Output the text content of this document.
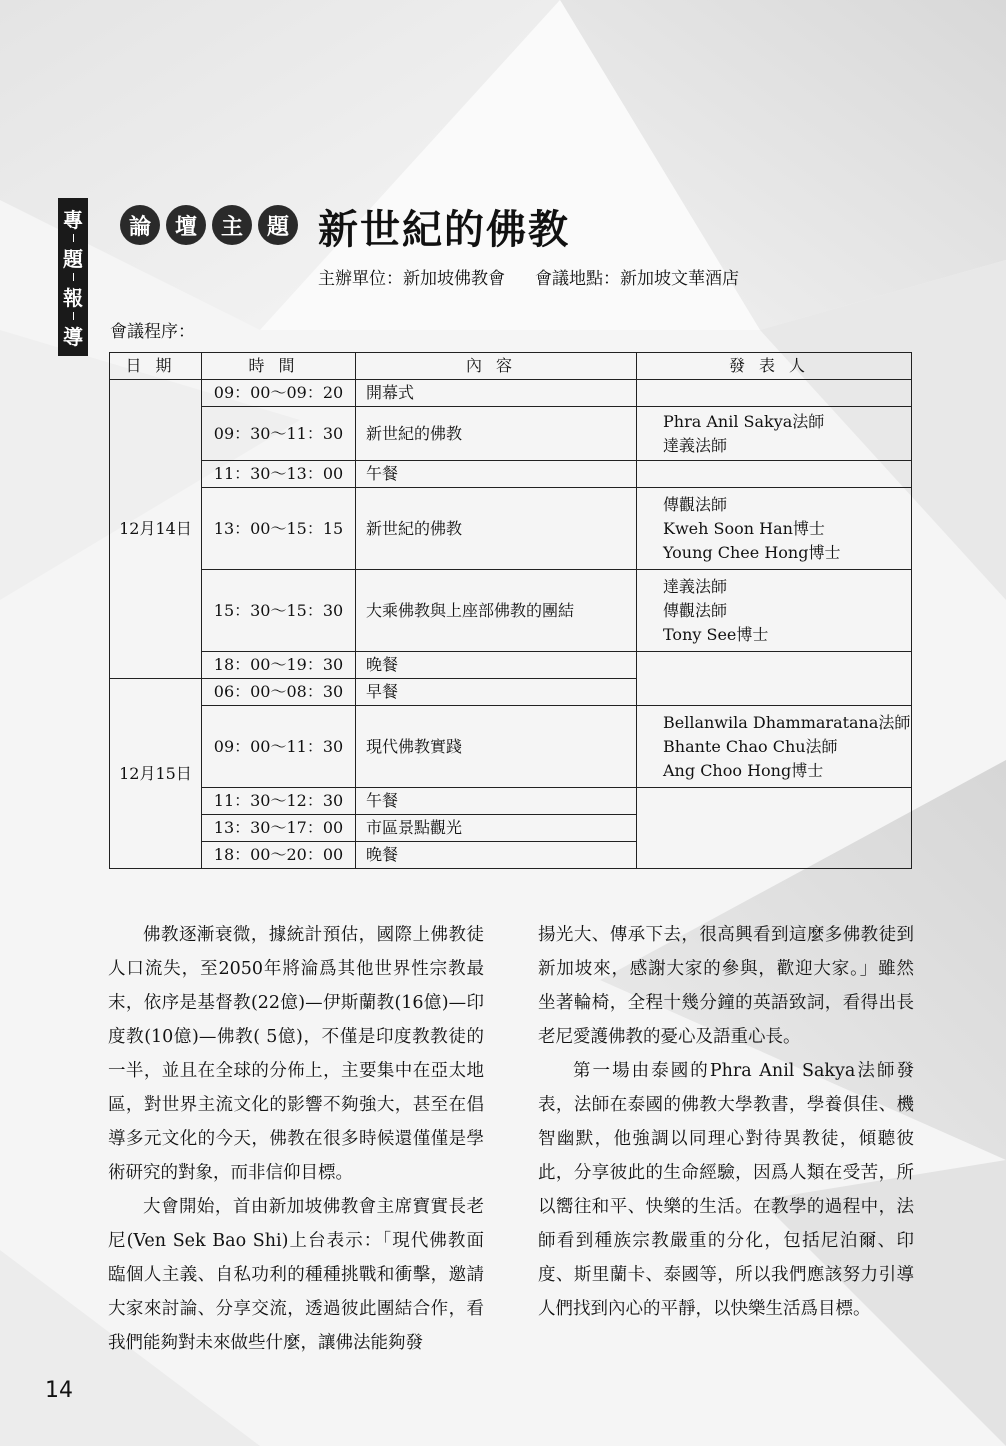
專
題
報
導
論	壇	主	題 新世紀的佛教
主辦單位：新加坡佛教會 會議地點：新加坡文華酒店
會議程序：
日期	時間	內容	發表人
12月14日	09：00～09：20	開幕式	
	09：30～11：30	新世紀的佛教	Phra Anil Sakya法師
達義法師

	11：30～13：00	午餐	
	13：00～15：15	新世紀的佛教	傳觀法師
Kweh Soon Han博士
Young Chee Hong博士

	15：30～15：30	大乘佛教與上座部佛教的團結	達義法師
傳觀法師
Tony See博士

	18：00～19：30	晚餐	
12月15日	06：00～08：30	早餐	
	09：00～11：30	現代佛教實踐	Bellanwila Dhammaratana法師
Bhante Chao Chu法師
Ang Choo Hong博士

	11：30～12：30	午餐	
	13：30～17：00	市區景點觀光	
	18：00～20：00	晚餐	

佛教逐漸衰微，據統計預估，國際上佛教徒人口流失，至2050年將淪爲其他世界性宗教最末，依序是基督教(22億)—伊斯蘭教(16億)—印度教(10億)—佛教( 5億)，不僅是印度教教徒的一半，並且在全球的分佈上，主要集中在亞太地區，對世界主流文化的影響不夠強大，甚至在倡導多元文化的今天，佛教在很多時候還僅僅是學術研究的對象，而非信仰目標。

大會開始，首由新加坡佛教會主席寶實長老尼(Ven Sek Bao Shi)上台表示：「現代佛教面臨個人主義、自私功利的種種挑戰和衝擊，邀請大家來討論、分享交流，透過彼此團結合作，看我們能夠對未來做些什麼，讓佛法能夠發

揚光大、傳承下去，很高興看到這麼多佛教徒到新加坡來，感謝大家的參與，歡迎大家。」雖然坐著輪椅，全程十幾分鐘的英語致詞，看得出長老尼愛護佛教的憂心及語重心長。

第一場由泰國的Phra Anil Sakya法師發表，法師在泰國的佛教大學教書，學養俱佳、機智幽默，他強調以同理心對待異教徒，傾聽彼此，分享彼此的生命經驗，因爲人類在受苦，所以嚮往和平、快樂的生活。在教學的過程中，法師看到種族宗教嚴重的分化，包括尼泊爾、印度、斯里蘭卡、泰國等，所以我們應該努力引導人們找到內心的平靜，以快樂生活爲目標。

14
